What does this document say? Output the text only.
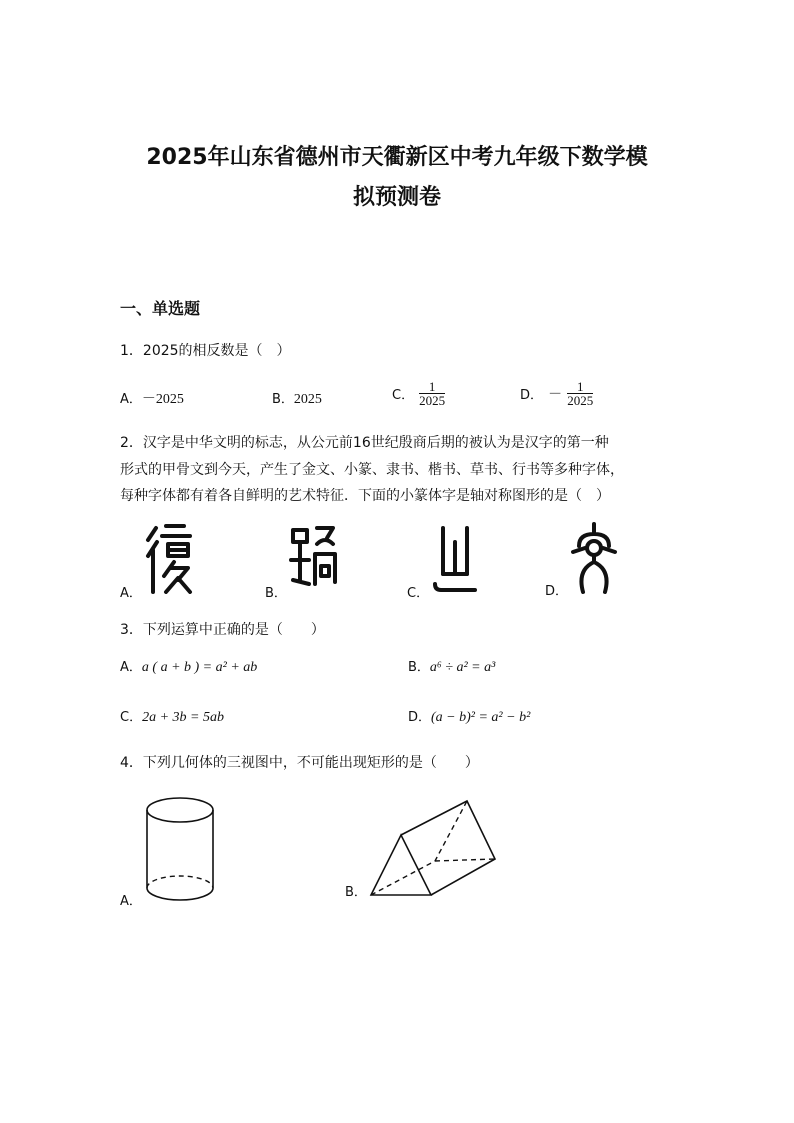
2025年山东省德州市天衢新区中考九年级下数学模
拟预测卷
一、单选题
1．2025的相反数是（　）
A．－2025	B．2025	C． $\frac{1}{2025}$	D． － $\frac{1}{2025}$
2．汉字是中华文明的标志，从公元前16世纪殷商后期的被认为是汉字的第一种
形式的甲骨文到今天，产生了金文、小篆、隶书、楷书、草书、行书等多种字体，
每种字体都有着各自鲜明的艺术特征．下面的小篆体字是轴对称图形的是（　）
A．	B．	C．	D．
3．下列运算中正确的是（　　）
A．a ( a + b ) = a² + ab	B．a⁶ ÷ a² = a³
C．2a + 3b = 5ab	D．(a − b)² = a² − b²
4．下列几何体的三视图中，不可能出现矩形的是（　　）
A．
B．
